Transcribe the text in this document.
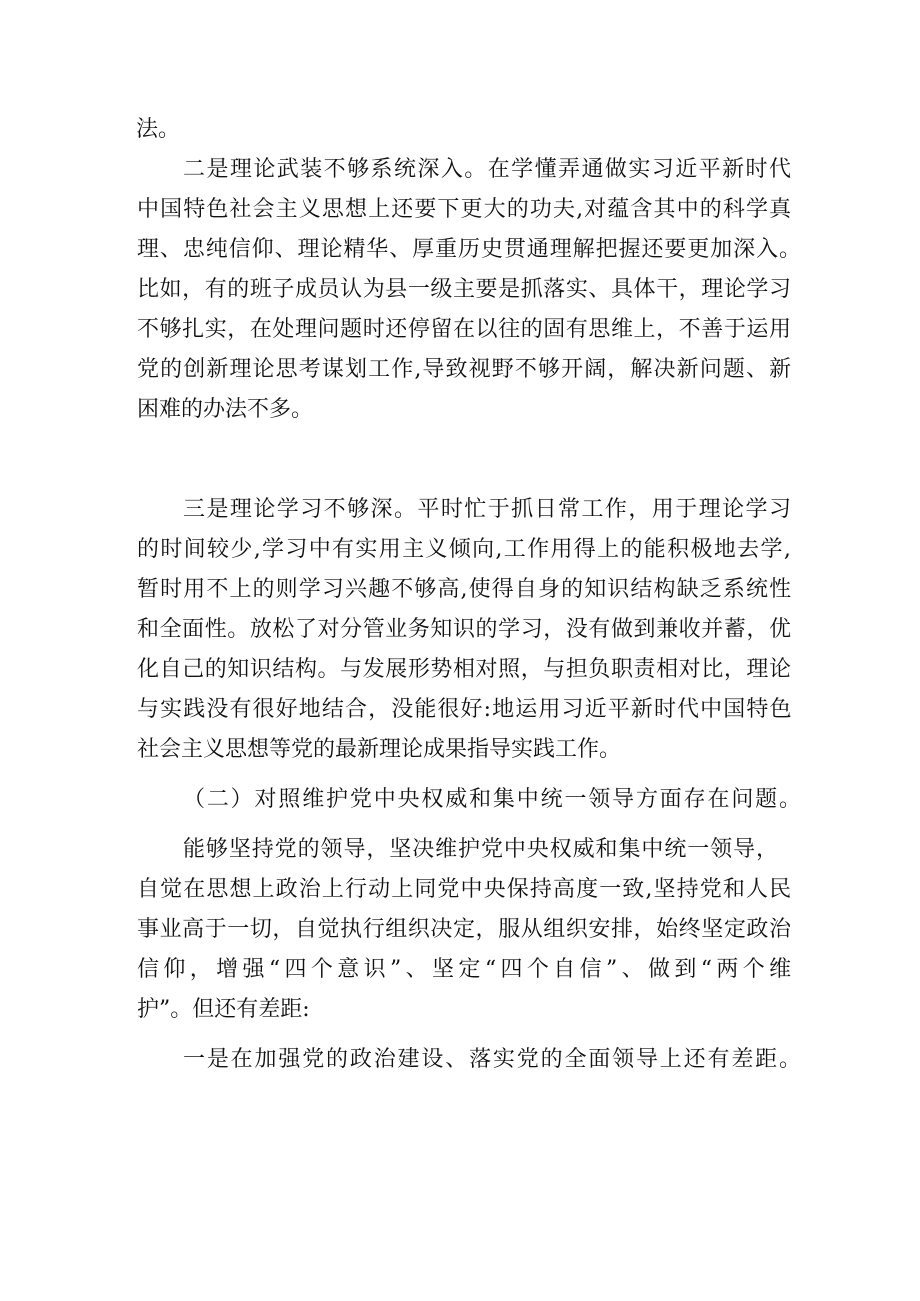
法。
二是理论武装不够系统深入。在学懂弄通做实习近平新时代
中国特色社会主义思想上还要下更大的功夫,对蕴含其中的科学真
理、忠纯信仰、理论精华、厚重历史贯通理解把握还要更加深入。
比如，有的班子成员认为县一级主要是抓落实、具体干，理论学习
不够扎实，在处理问题时还停留在以往的固有思维上，不善于运用
党的创新理论思考谋划工作,导致视野不够开阔，解决新问题、新
困难的办法不多。
三是理论学习不够深。平时忙于抓日常工作，用于理论学习
的时间较少,学习中有实用主义倾向,工作用得上的能积极地去学,
暂时用不上的则学习兴趣不够高,使得自身的知识结构缺乏系统性
和全面性。放松了对分管业务知识的学习，没有做到兼收并蓄，优
化自己的知识结构。与发展形势相对照，与担负职责相对比，理论
与实践没有很好地结合，没能很好:地运用习近平新时代中国特色
社会主义思想等党的最新理论成果指导实践工作。
（二）对照维护党中央权威和集中统一领导方面存在问题。
能够坚持党的领导，坚决维护党中央权威和集中统一领导，
自觉在思想上政治上行动上同党中央保持高度一致,坚持党和人民
事业高于一切，自觉执行组织决定，服从组织安排，始终坚定政治
信仰，增强“四个意识”、坚定“四个自信”、做到“两个维
护”。但还有差距:
一是在加强党的政治建设、落实党的全面领导上还有差距。
